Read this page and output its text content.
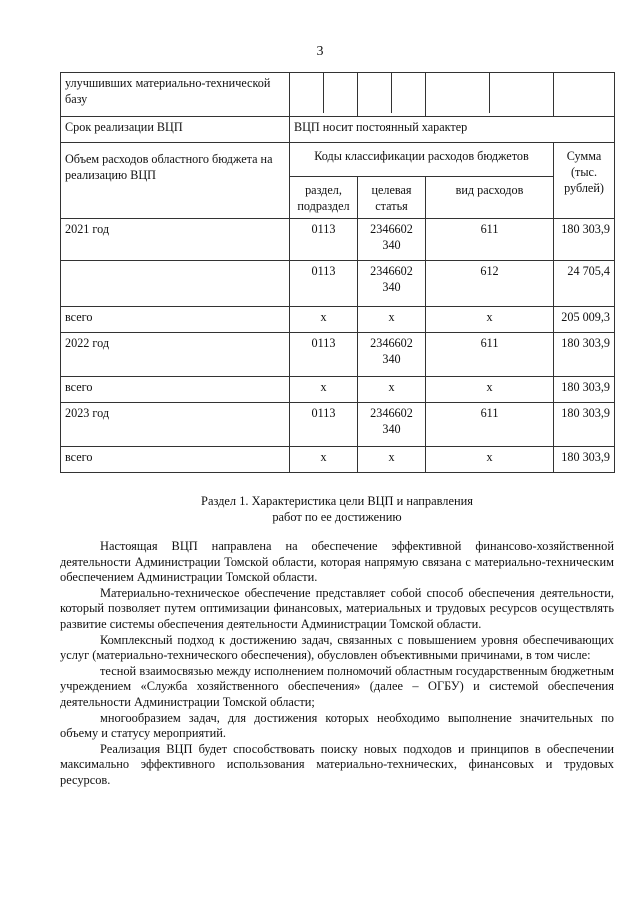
3
улучшивших материально-технической базу	

Срок реализации ВЦП	ВЦП носит постоянный характер			
Объем расходов областного бюджета на реализацию ВЦП	Коды классификации расходов бюджетов			Сумма (тыс. рублей)
	раздел, подраздел	целевая статья	вид расходов	
2021 год	0113	2346602 340	611	180 303,9
	0113	2346602 340	612	24 705,4
всего	х	х	х	205 009,3
2022 год	0113	2346602 340	611	180 303,9
всего	х	х	х	180 303,9
2023 год	0113	2346602 340	611	180 303,9
всего	х	х	х	180 303,9
Раздел 1. Характеристика цели ВЦП и направления
работ по ее достижению

Настоящая ВЦП направлена на обеспечение эффективной финансово-хозяйственной деятельности Администрации Томской области, которая напрямую связана с материально-техническим обеспечением Администрации Томской области.

Материально-техническое обеспечение представляет собой способ обеспечения деятельности, который позволяет путем оптимизации финансовых, материальных и трудовых ресурсов осуществлять развитие системы обеспечения деятельности Администрации Томской области.

Комплексный подход к достижению задач, связанных с повышением уровня обеспечивающих услуг (материально-технического обеспечения), обусловлен объективными причинами, в том числе:

тесной взаимосвязью между исполнением полномочий областным государственным бюджетным учреждением «Служба хозяйственного обеспечения» (далее – ОГБУ) и системой обеспечения деятельности Администрации Томской области;

многообразием задач, для достижения которых необходимо выполнение значительных по объему и статусу мероприятий.

Реализация ВЦП будет способствовать поиску новых подходов и принципов в обеспечении максимально эффективного использования материально-технических, финансовых и трудовых ресурсов.
